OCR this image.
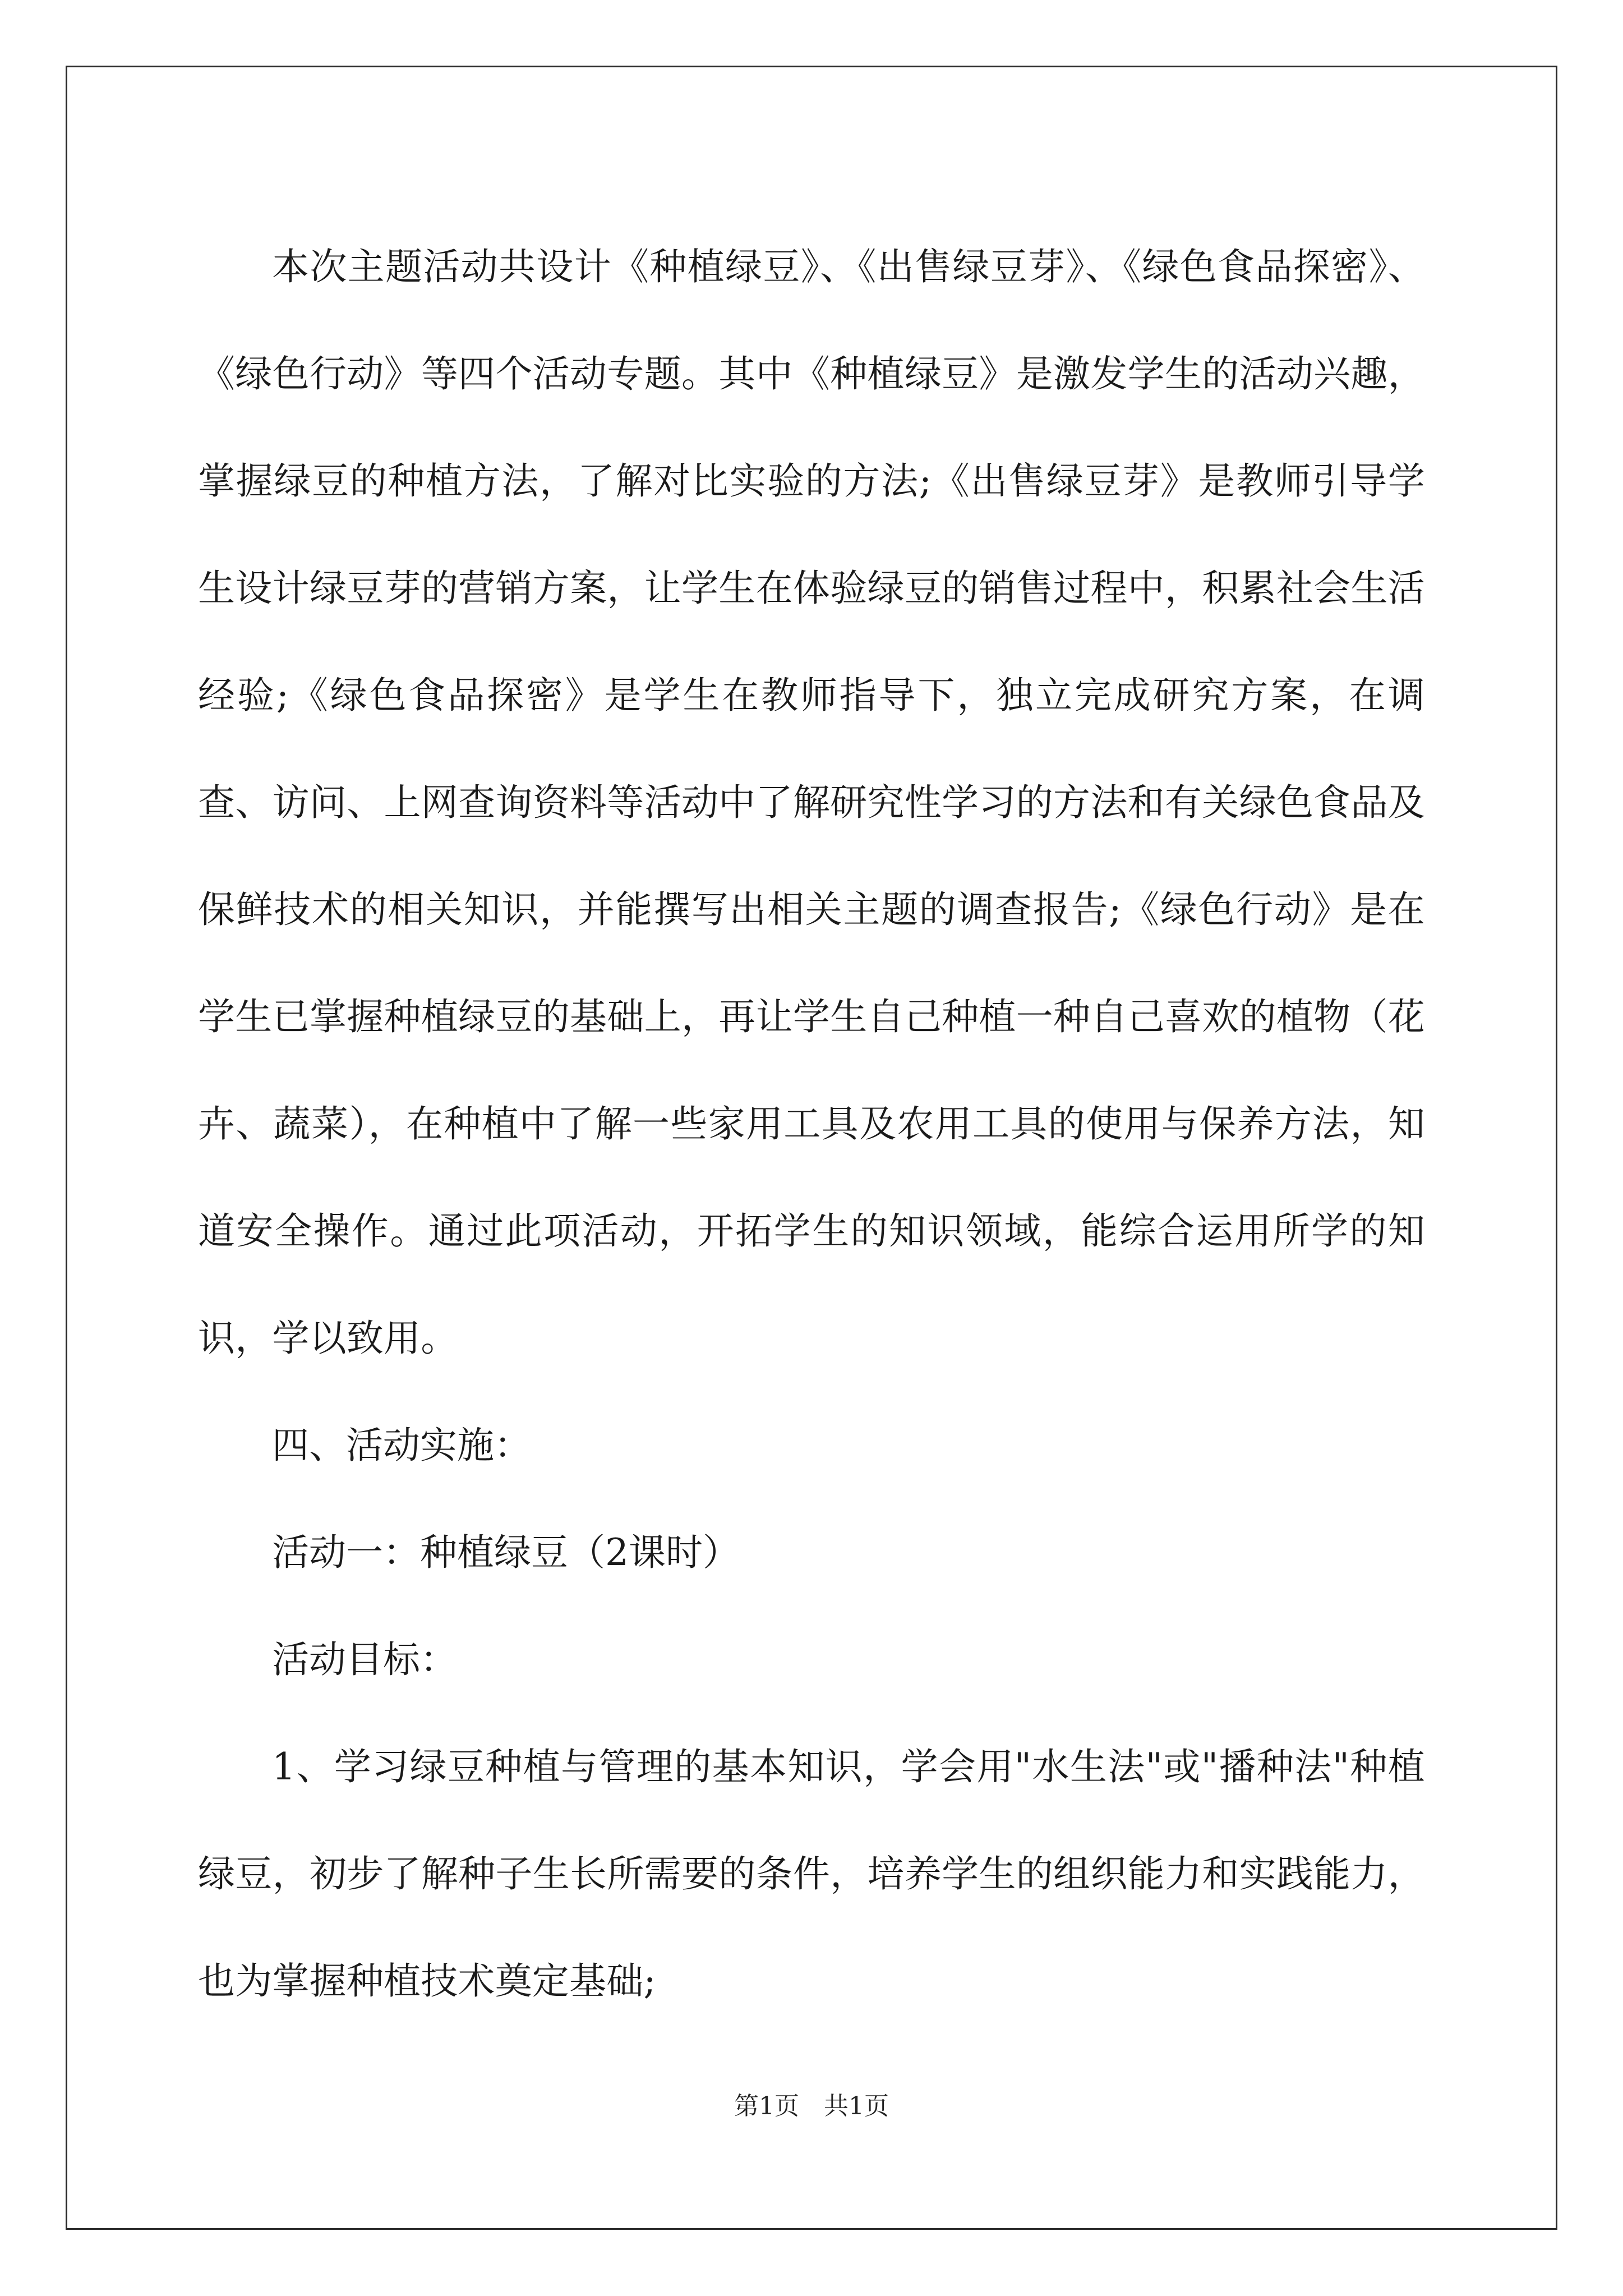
本次主题活动共设计《种植绿豆》、《出售绿豆芽》、《绿色食品探密》、《绿色行动》等四个活动专题。其中《种植绿豆》是激发学生的活动兴趣，掌握绿豆的种植方法，了解对比实验的方法;《出售绿豆芽》是教师引导学生设计绿豆芽的营销方案，让学生在体验绿豆的销售过程中，积累社会生活经验;《绿色食品探密》是学生在教师指导下，独立完成研究方案，在调查、访问、上网查询资料等活动中了解研究性学习的方法和有关绿色食品及保鲜技术的相关知识，并能撰写出相关主题的调查报告;《绿色行动》是在学生已掌握种植绿豆的基础上，再让学生自己种植一种自己喜欢的植物（花卉、蔬菜），在种植中了解一些家用工具及农用工具的使用与保养方法，知道安全操作。通过此项活动，开拓学生的知识领域，能综合运用所学的知识，学以致用。

四、活动实施：

活动一：种植绿豆（2课时）

活动目标：

1、学习绿豆种植与管理的基本知识，学会用"水生法"或"播种法"种植绿豆，初步了解种子生长所需要的条件，培养学生的组织能力和实践能力，也为掌握种植技术奠定基础;

第1页　共1页
